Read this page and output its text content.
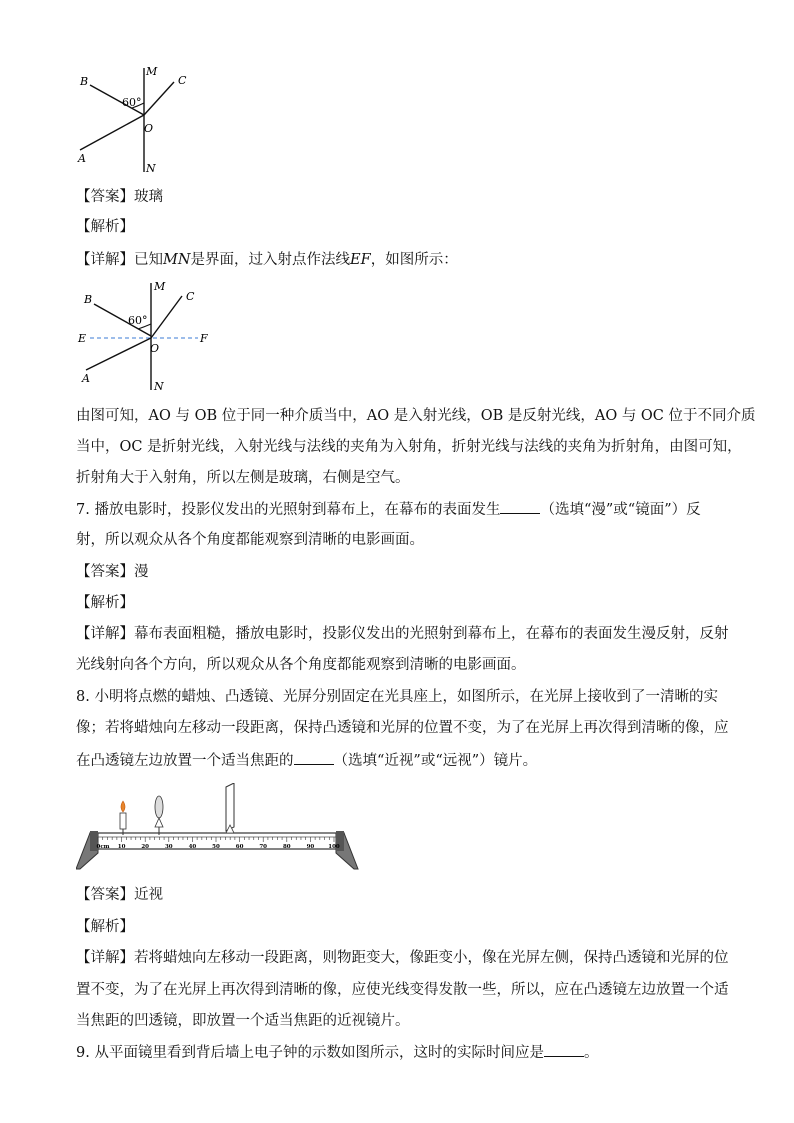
B
M
C
60°
O
A
N
【答案】玻璃
【解析】
【详解】已知MN是界面，过入射点作法线EF，如图所示：
B
M
C
60°
E
O
F
A
N
由图可知，AO 与 OB 位于同一种介质当中，AO 是入射光线，OB 是反射光线，AO 与 OC 位于不同介质
当中，OC 是折射光线，入射光线与法线的夹角为入射角，折射光线与法线的夹角为折射角，由图可知，
折射角大于入射角，所以左侧是玻璃，右侧是空气。
7. 播放电影时，投影仪发出的光照射到幕布上，在幕布的表面发生	（选填“漫”或“镜面”）反
射，所以观众从各个角度都能观察到清晰的电影画面。
【答案】漫
【解析】
【详解】幕布表面粗糙，播放电影时，投影仪发出的光照射到幕布上，在幕布的表面发生漫反射，反射
光线射向各个方向，所以观众从各个角度都能观察到清晰的电影画面。
8. 小明将点燃的蜡烛、凸透镜、光屏分别固定在光具座上，如图所示，在光屏上接收到了一清晰的实
像；若将蜡烛向左移动一段距离，保持凸透镜和光屏的位置不变，为了在光屏上再次得到清晰的像，应
在凸透镜左边放置一个适当焦距的	（选填“近视”或“远视”）镜片。
0cm 10	20	30	40	50	60	70	80	90	100
【答案】近视
【解析】
【详解】若将蜡烛向左移动一段距离，则物距变大，像距变小，像在光屏左侧，保持凸透镜和光屏的位
置不变，为了在光屏上再次得到清晰的像，应使光线变得发散一些，所以，应在凸透镜左边放置一个适
当焦距的凹透镜，即放置一个适当焦距的近视镜片。
9. 从平面镜里看到背后墙上电子钟的示数如图所示，这时的实际时间应是	。
